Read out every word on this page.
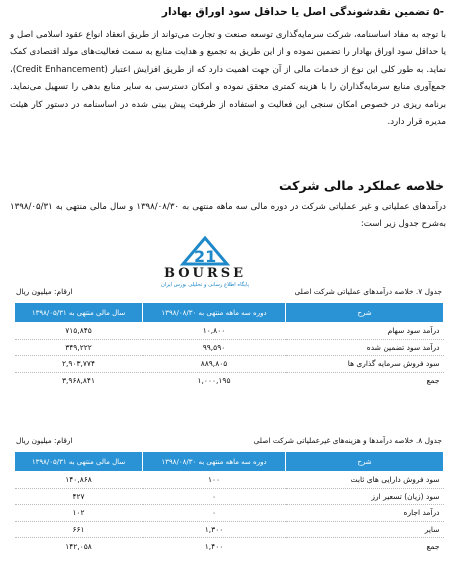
-۵ تضمین نقدشوندگی اصل یا حداقل سود اوراق بهادار
با توجه به مفاد اساسنامه، شرکت سرمایه‌گذاری توسعه صنعت و تجارت می‌تواند از طریق انعقاد انواع عقود اسلامی اصل و یا حداقل سود اوراق بهادار را تضمین نموده و از این طریق به تجمیع و هدایت منابع به سمت فعالیت‌های مولد اقتصادی کمک نماید. به طور کلی این نوع از خدمات مالی از آن جهت اهمیت دارد که از طریق افزایش اعتبار (Credit Enhancement)، جمع‌آوری منابع سرمایه‌گذاران را با هزینه کمتری محقق نموده و امکان دسترسی به سایر منابع بدهی را تسهیل می‌نماید. برنامه ریزی در خصوص امکان سنجی این فعالیت و استفاده از ظرفیت پیش بینی شده در اساسنامه در دستور کار هیئت مدیره قرار دارد.
خلاصه عملکرد مالی شرکت
درآمدهای عملیاتی و غیر عملیاتی شرکت در دوره مالی سه ماهه منتهی به ۱۳۹۸/۰۸/۳۰ و سال مالی منتهی به ۱۳۹۸/۰۵/۳۱ به‌شرح جدول زیر است:
21
BOURSE
پایگاه اطلاع رسانی و تحلیلی بورس ایران
جدول ۷. خلاصه درآمدهای عملیاتی شرکت اصلی
ارقام: میلیون ریال
شرح	دوره سه ماهه منتهی به ۱۳۹۸/۰۸/۳۰	سال مالی منتهی به ۱۳۹۸/۰۵/۳۱
درآمد سود سهام	۱۰,۸۰۰	۷۱۵,۸۴۵
درآمد سود تضمین شده	۹۹,۵۹۰	۳۴۹,۲۲۲
سود فروش سرمایه گذاری ها	۸۸۹,۸۰۵	۲,۹۰۳,۷۷۴
جمع	۱,۰۰۰,۱۹۵	۳,۹۶۸,۸۴۱
جدول ۸. خلاصه درآمدها و هزینه‌های غیرعملیاتی شرکت اصلی
ارقام: میلیون ریال
شرح	دوره سه ماهه منتهی به ۱۳۹۸/۰۸/۳۰	سال مالی منتهی به ۱۳۹۸/۰۵/۳۱
سود فروش دارایی های ثابت	۱۰۰	۱۴۰,۸۶۸
سود (زیان) تسعیر ارز	۰	۴۲۷
درآمد اجاره	۰	۱۰۲
سایر	۱,۳۰۰	۶۶۱
جمع	۱,۴۰۰	۱۴۲,۰۵۸
